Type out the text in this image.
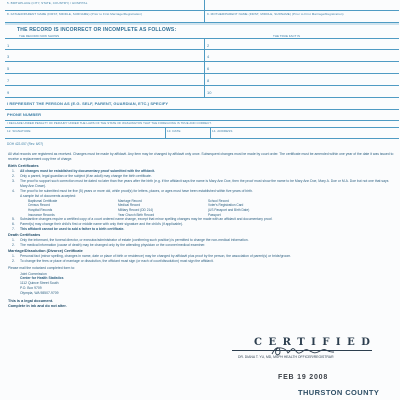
5. BIRTHPLACE (CITY, STATE, COUNTRY) / HOSPITAL
8. FATHER/PARENT NAME (FIRST, MIDDLE, SURNAME) (Prior to First Marriage/Registration)	9. MOTHER/PARENT NAME (FIRST, MIDDLE, SURNAME) (Prior to First Marriage/Registration)
THE RECORD IS INCORRECT OR INCOMPLETE AS FOLLOWS:
THE RECORD NOW SHOWS	THE TRUE FACT IS
1	2
3	4
5	6
7	8
9	10
I REPRESENT THE PERSON AS (E.G. SELF, PARENT, GUARDIAN, ETC.) SPECIFY
PHONE NUMBER
I DECLARE UNDER PENALTY OF PERJURY UNDER THE LAWS OF THE STATE OF WASHINGTON THAT THE FOREGOING IS TRUE AND CORRECT.
12. SIGNATURE	13. DATE	14. ADDRESS
DOH 422-057 (Rev. 6/07)

All vital records are registered as received. Changes must be made by affidavit. Any item may be changed by affidavit only once. Subsequent changes must be made by court order. The certificate must be amended within one year of the date it was issued to receive a replacement copy free of charge.

Birth Certificates
1. All changes must be established by documentary proof submitted with the affidavit.
2. Only a parent, legal guardian or the subject (if an adult) may change the birth certificate.
3. The proof to support such correction must be dated no later than five years after the birth (e.g. if the affidavit says the name is Mary Ann Doe, then the proof must show the name to be Mary Ann Doe, Mary A. Doe or M.A. Doe but not one that says Mary Ann Dowe).
4. The proof to be submitted must be five (5) years or more old, while proof(s) for letters, places, or ages must have been established within five years of birth.
A sample list of documents accepted:
Baptismal Certificate	Marriage Record	School Record
Census Record	Medical Record	Voter's Registration Card
Hospital Records	Military Record (DD 214)	(US Passport and Birth Date)
Insurance Records	Year Church Birth Record	Passport
5. Substantive changes require a certified copy of a court ordered name change, except that minor spelling changes may be made with an affidavit and documentary proof.
6. Parent(s) may change their child's first or middle name with only their signature and the child's (if applicable).
7. This affidavit cannot be used to add a father to a birth certificate.
Death Certificates
1. Only the informant, the funeral director, or executor/administrator of estate (confirming such position) is permitted to change the non-medical information.
2. The medical information (cause of death) may be changed only by the attending physician or the coroner/medical examiner.
Marriage/Dissolution (Divorce) Certificate
1. Personal fact (minor spelling, changes in name, date or place of birth or residence) may be changed by affidavit plus proof by the person, the association of parent(s) or bride/groom.
2. To change the fees or place of marriage or dissolution, the officiant must sign (or each of court/dissolution) must sign the affidavit.

Please mail the notarized completed form to:

Joint Commission
Center for Health Statistics
1112 Quince Street South
P.O. Box 9709
Olympia, WA 98507-9709
This is a legal document.
Complete in ink and do not alter.
CERTIFIED
DR. DIANA T. YU, MD, MSPH HEALTH OFFICER/REGISTRAR
FEB 19 2008
THURSTON COUNTY
